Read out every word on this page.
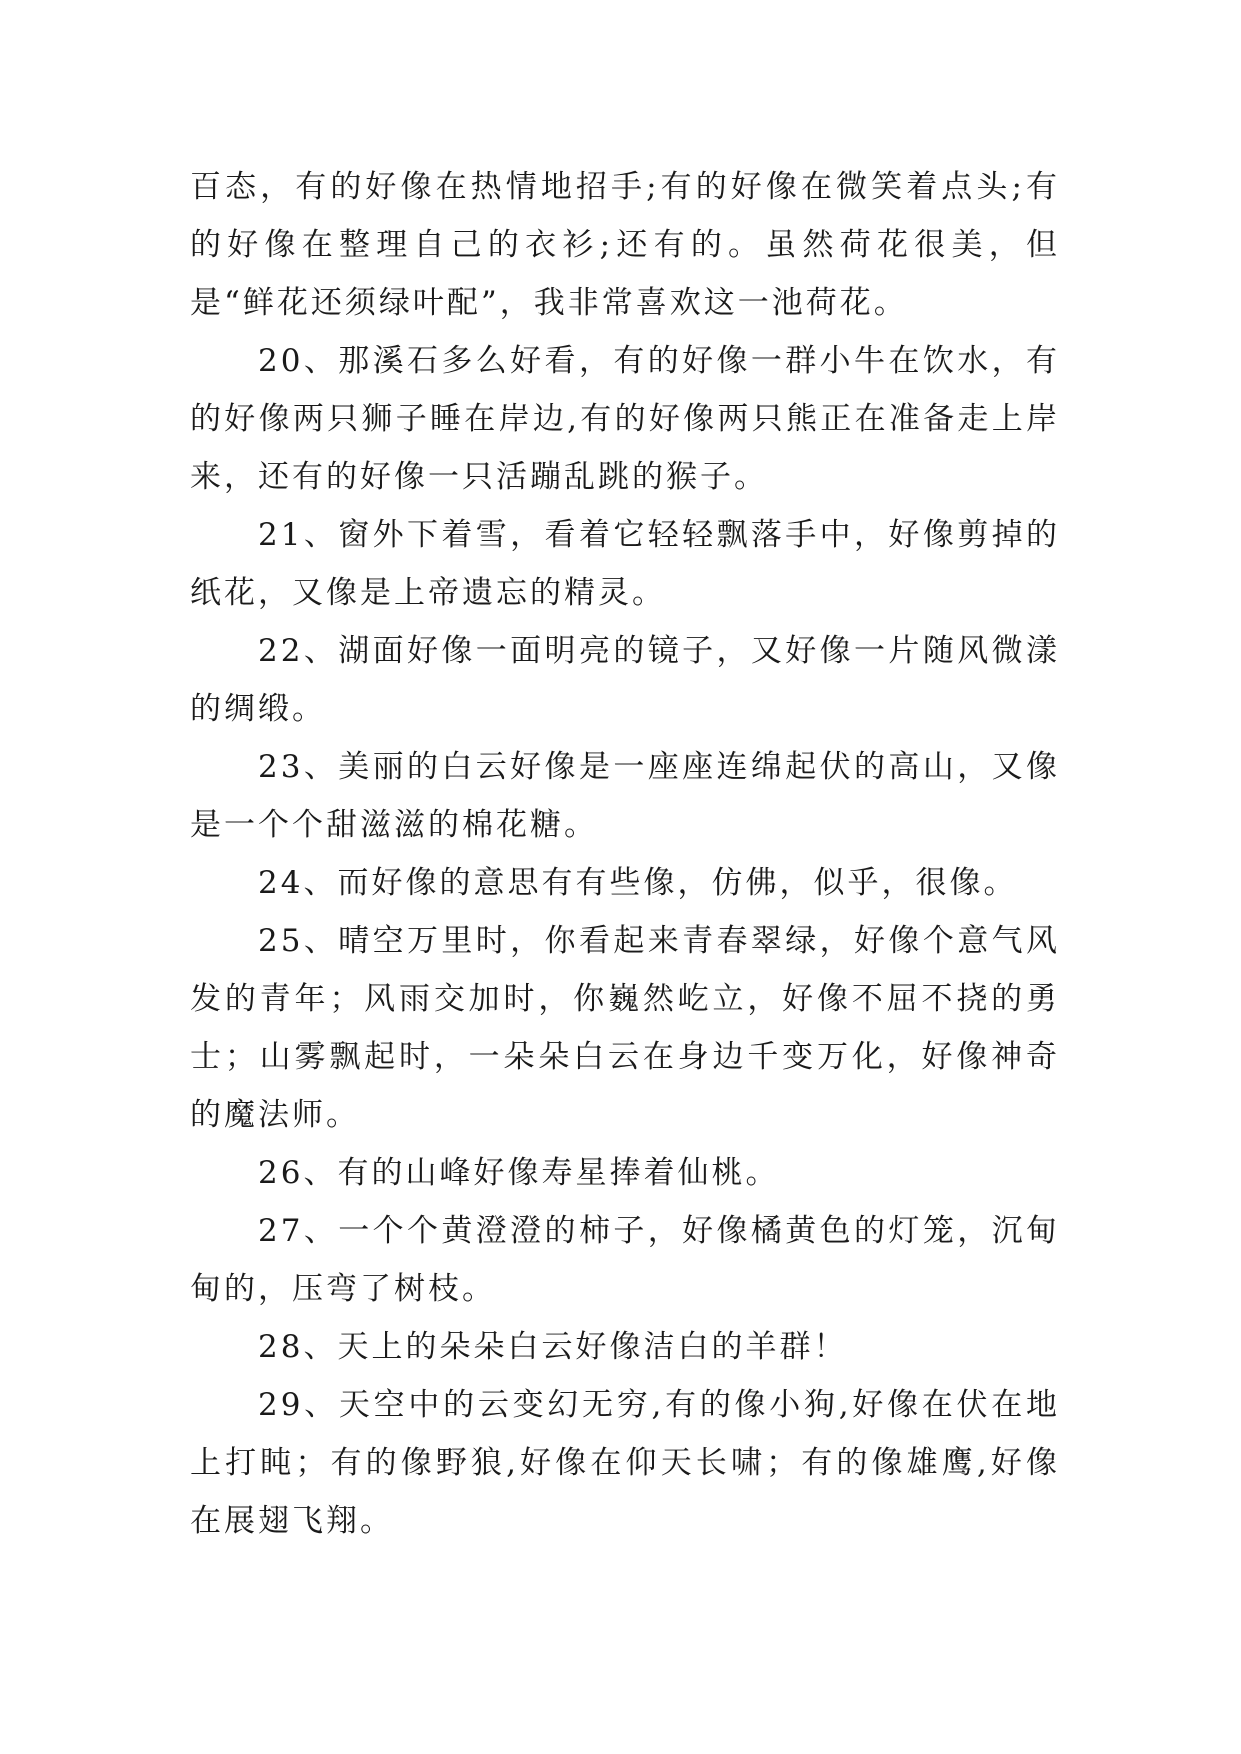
百态，有的好像在热情地招手;有的好像在微笑着点头;有的好像在整理自己的衣衫;还有的。虽然荷花很美，但是“鲜花还须绿叶配”，我非常喜欢这一池荷花。

20、那溪石多么好看，有的好像一群小牛在饮水，有的好像两只狮子睡在岸边,有的好像两只熊正在准备走上岸来，还有的好像一只活蹦乱跳的猴子。

21、窗外下着雪，看着它轻轻飘落手中，好像剪掉的纸花，又像是上帝遗忘的精灵。

22、湖面好像一面明亮的镜子，又好像一片随风微漾的绸缎。

23、美丽的白云好像是一座座连绵起伏的高山，又像是一个个甜滋滋的棉花糖。

24、而好像的意思有有些像，仿佛，似乎，很像。

25、晴空万里时，你看起来青春翠绿，好像个意气风发的青年；风雨交加时，你巍然屹立，好像不屈不挠的勇士；山雾飘起时，一朵朵白云在身边千变万化，好像神奇的魔法师。

26、有的山峰好像寿星捧着仙桃。

27、一个个黄澄澄的柿子，好像橘黄色的灯笼，沉甸甸的，压弯了树枝。

28、天上的朵朵白云好像洁白的羊群！

29、天空中的云变幻无穷,有的像小狗,好像在伏在地上打盹；有的像野狼,好像在仰天长啸；有的像雄鹰,好像在展翅飞翔。
